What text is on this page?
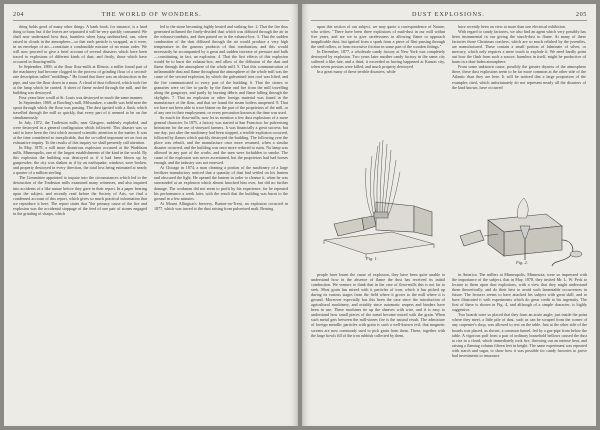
204	THE WORLD OF WONDERS.

thing holds good of many other things. A bank book, for instance, is a hard thing to burn; but if the leaves are separated it will be very quickly consumed. We shall now understand how dust, harmless when lying undisturbed, can, when raised in clouds in the atmosphere—so that each particle is wrapped, as it were, in an envelope of air—constitute a combustible mixture of no mean order. We will now proceed to give a brief account of several disasters which have been traced to explosions of different kinds of dust; and firstly, those which have occurred in flouring-mills.

In September, 1869, at the flour flour-mills at Illinois, a miller found part of the machinery had become clogged in the process of grinding flour of a second-rate description called "middlings." He found that there was an obstruction in the pipe, and saw the flour down in a mass. A cloud of dust followed, which took fire at the lamp which he carried. A sheet of flame rushed through the mill, and the building was destroyed.

Four years later a mill at St. Louis was destroyed in much the same manner.

In September, 1869, at Bowling's mill, Milwaukee, a candle was held near the spout through which the flour was passing. The dust ignited with a flash, which travelled through the mill so quickly, that every part of it seemed to be on fire simultaneously.

In July, 1872, the Tradeston mills, near Glasgow, suddenly exploded, and were destroyed in a general conflagration which followed. This disaster was so said to have been the first which aroused scientific attention to the matter. It was at the time considered so inexplicable, that the so-called important set on foot an exhaustive inquiry. To the results of this inquiry we shall presently call attention.

In May, 1878, a still more disastrous explosion occurred at the Washburn mills, Minneapolis, one of the largest establishments of the kind in the world. By this explosion the building was destroyed as if it had been blown up by gunpowder; the city was shaken as if by an earthquake; windows were broken, and property destroyed in every direction, the total loss being estimated at nearly a quarter of a million sterling.

The Committee appointed to inquire into the circumstances which led to the destruction of the Tradeston mills examined many witnesses, and also inquired into accidents of a like nature before they gave in their report. In a paper bearing upon the subject, and recently read before the Society of Arts, we find a condensed account of this report, which gives so much practical information that we reproduce it here. The report states that "the primary cause of the fire and explosion was the accidental stoppage of the feed of one pair of stones engaged in the grinding of sharps, which

led to the stone becoming highly heated and striking fire. 2. That the fire thus generated inflamed the finely-divided dust which was diffused through the air in the exhaust-conduits, and then passed on to the exhaust-box. 3. That the sudden combustion of the dust diffused through the air would produce a very high temperature in the gaseous products of that combustion, and this would necessarily be accompanied by a great and sudden increase of pressure and bulk—constituting, in fact, an explosion. 4. That the first effects of this explosion would be to burst the exhaust-box, and allow of the diffusion of the dust and flame through the atmosphere of the whole mill. 5. That this communication of inflammable dust and flame throughout the atmosphere of the whole mill was the cause of the second explosion, by which the galvanised iron roof was lifted, and the fire communicated to every part of the building. 6. That the stones or granaries were set fire to partly by the flame and fire from the mill travelling along the gangways, and partly by burning débris and flame falling through the skylights. 7. That no explosion or other foreign material was found in the manufacture of the flour, and that we found the steam boilers unopened. 8. That we have not been able to trace blame on the part of the proprietors of the mill, or of any one in their employment, or every precaution known at the time was used.

So much for flour-mills; now let us mention a few dust explosions of a more general character. In 1875, a factory was started at San Francisco for pulverising brimstone for the use of vineyard farmers. It was financially a great success; but one day, just after the machinery had been stopped, a terrible explosion occurred, followed by flames which quickly destroyed the building. The following year the place was rebuilt, and the manufacture once more resumed, when a similar disaster occurred, and the building was once more reduced to ruins. No lamp was allowed in any part of the works, and the men were forbidden to smoke. The cause of the explosion was never ascertained, but the proprietors had had horses enough, and the industry was not renewed.

At Chicago in 1874, a man cleaning a portion of the machinery of a large fertilizer manufactory noticed that a quantity of dust had settled on his lantern and obscured the light. He opened the lantern in order to cleanse it, when he was surrounded at an explosion which almost knocked him over, but did no further damage. The workman did not seem to profit by his experience, for he repeated his performance a week later, with the result that the building was burnt to the ground in a few minutes.

At Mount Allington's brewery, Burton-on-Trent, an explosion occurred in 1877, which was traced to the dust arising from pulverised malt. Bearing

DUST EXPLOSIONS.	205

upon this section of our subject, we may quote a correspondence of Nature, who writes: "There have been three explosions of malt-dust in our mill within five years, and are we to give carelessness in allowing flame to approach inapplicable dust, but ignited from a spark from a piece of flint passing through the steel rollers, or from excessive friction in some part of the wooden fittings."

In December, 1877, a wholesale candy factory at New York was completely destroyed by explosion. Two years later another candy factory in the same city suffered a like fate, and a third, it exceeded as having happened at Kansas city, when seven persons were killed, and much property destroyed.

In a great many of these terrible disasters, while

have recently been on view at more than one electrical exhibition.

With regard to candy factories, we also find an agent which very possibly has been instrumental in our giving the starch-dust to flame. At many of these factories those Christmas crackers, which are so much relished by the juveniles, are manufactured. These contain a small portion of fulminate of silver, or mercury, which only requires a mere touch to explode it. We need hardly point out how the flash from such a source, harmless in itself, might be productive of harm in a dust-laden atmosphere.

From some unknown cause, possibly the greater dryness of the atmosphere there, these dust explosions seem to be far more common at the other side of the Atlantic than they are here. It will be noticed that a large proportion of the examples cited, which unfortunately do not represent nearly all the disasters of the kind known, have occurred

Fig. 1.
Fig. 2.

people have learnt the cause of explosion, they have been quite unable to understand how in the absence of flame the dust has received its initial combustion. We venture to think that in the case of flour-mills this is not far to seek. Most grain has mixed with it particles of iron, which it has picked up during its various stages from the field where it grows to the mill where it is ground. Moreover especially has this been the case since the introduction of agricultural machinery, and notably since automatic reapers and binders have been in use. These machines tie up the sheaves with wire, and it is easy to understand how small pieces of the metal become mixed with the grain. When such metal gets between the mill-stones fire is the natural result. The admixture of foreign metallic particles with grain is such a well-known evil, that magnetic screens are now commonly used to pick grain from them. These, together with the large bowls fill of the iron rubbish collected by them,

in America. The millers at Minneapolis, Minnesota, were so impressed with the importance of the subject, that in May, 1878, they invited Mr. L. W. Peck to lecture to them upon dust explosions, with a view that they might understand them theoretically, and do their best to avoid such lamentable occurrences in future. The lecturer seems to have attacked his subject with great skill, and to have illustrated it with experiments which do great credit to his ingenuity. The first of these is shown in Fig. 4, and although of a simple character, is highly suggestive.

Two boards were so placed that they form an acute angle; just inside the point where they meet, a little pile of dust, such as can be scraped from the corner of any carpenter's shop, was allowed to rest on the table. Just at the other side of the boards was placed, as shown, a common funnel, fed by a gas-pipe from below the table. A vigorous puff from a pair of ordinary household bellows caused the dust to rise in a cloud, which immediately took fire, throwing out an intense heat, and raising a flaming column fifteen feet in height. The same experiment was repeated with starch and sugar, to show how it was possible for candy factories to prove bad investments to insurance
